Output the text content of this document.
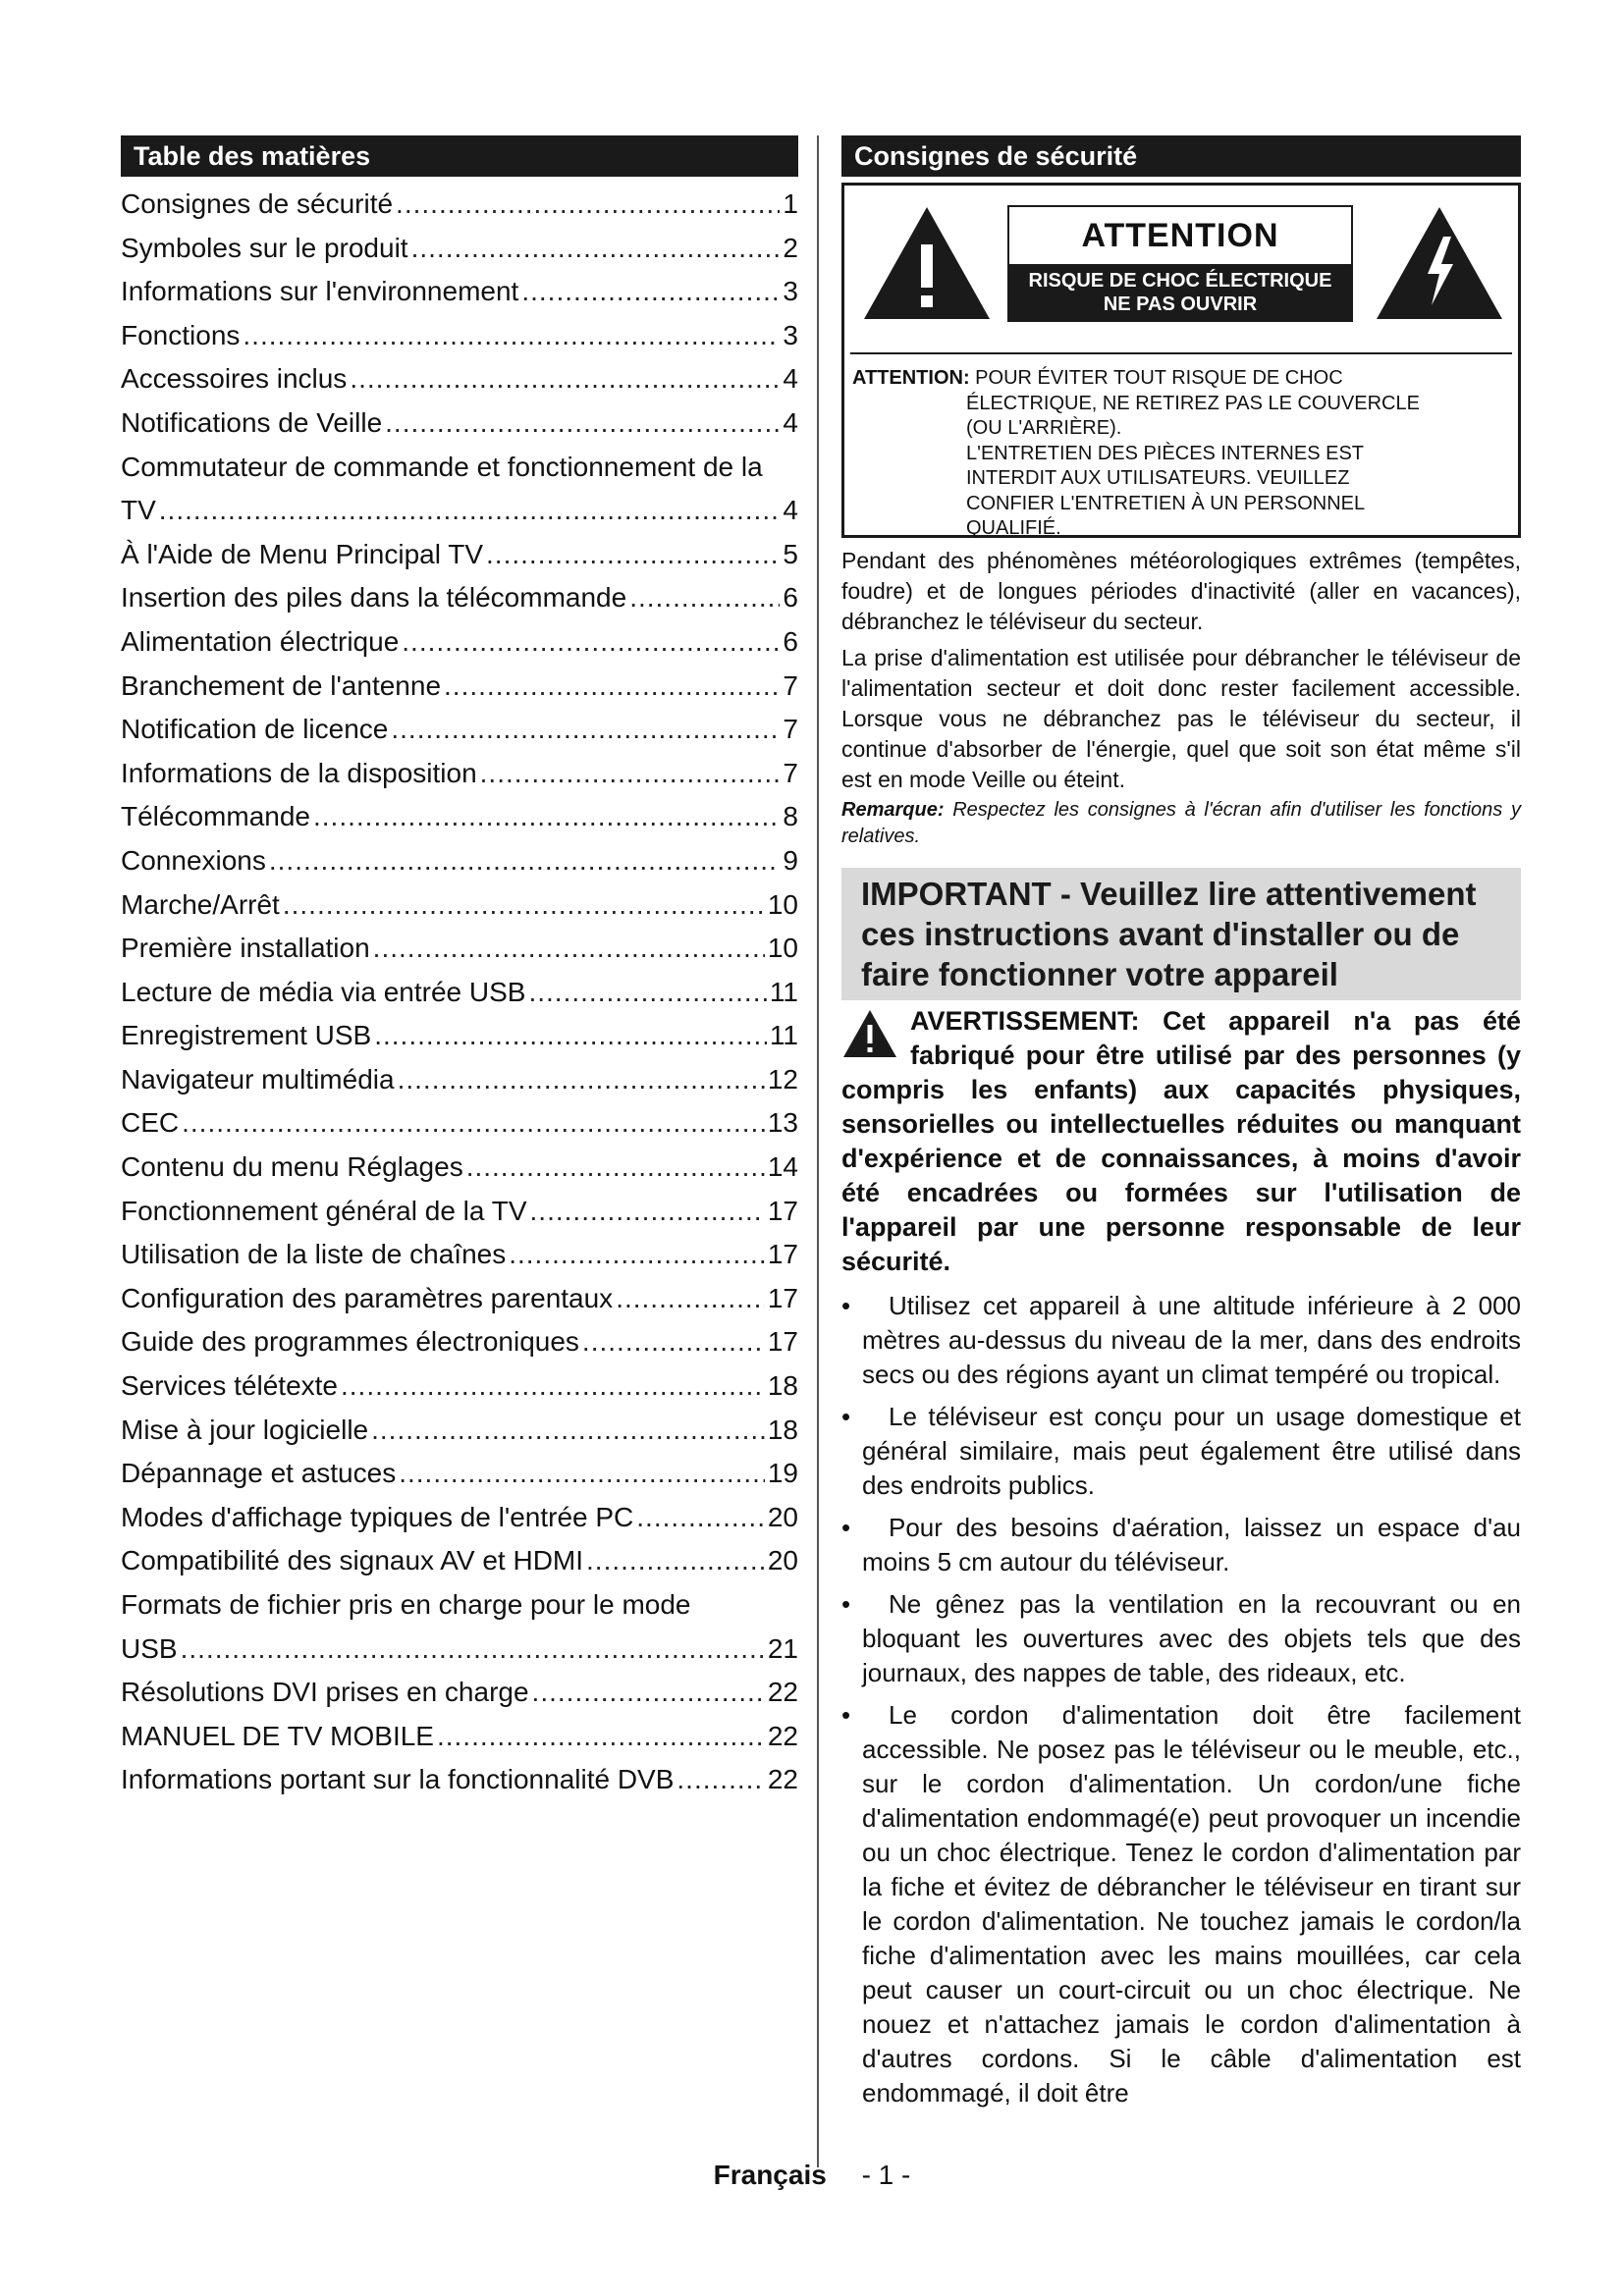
Table des matières
Consignes de sécurité .....	1
Symboles sur le produit .....	2
Informations sur l'environnement .....	3
Fonctions .....	3
Accessoires inclus .....	4
Notifications de Veille .....	4
Commutateur de commande et fonctionnement de la
TV .....	4
À l'Aide de Menu Principal TV .....	5
Insertion des piles dans la télécommande .....	6
Alimentation électrique .....	6
Branchement de l'antenne .....	7
Notification de licence .....	7
Informations de la disposition .....	7
Télécommande .....	8
Connexions .....	9
Marche/Arrêt .....	10
Première installation .....	10
Lecture de média via entrée USB .....	11
Enregistrement USB .....	11
Navigateur multimédia .....	12
CEC .....	13
Contenu du menu Réglages .....	14
Fonctionnement général de la TV .....	17
Utilisation de la liste de chaînes .....	17
Configuration des paramètres parentaux .....	17
Guide des programmes électroniques .....	17
Services télétexte .....	18
Mise à jour logicielle .....	18
Dépannage et astuces .....	19
Modes d'affichage typiques de l'entrée PC .....	20
Compatibilité des signaux AV et HDMI .....	20
Formats de fichier pris en charge pour le mode
USB .....	21
Résolutions DVI prises en charge .....	22
MANUEL DE TV MOBILE .....	22
Informations portant sur la fonctionnalité DVB .....	22
Consignes de sécurité
ATTENTION
RISQUE DE CHOC ÉLECTRIQUE
NE PAS OUVRIR
ATTENTION: POUR ÉVITER TOUT RISQUE DE CHOC
ÉLECTRIQUE, NE RETIREZ PAS LE COUVERCLE
(OU L'ARRIÈRE).
L'ENTRETIEN DES PIÈCES INTERNES EST
INTERDIT AUX UTILISATEURS. VEUILLEZ
CONFIER L'ENTRETIEN À UN PERSONNEL
QUALIFIÉ.
Pendant des phénomènes météorologiques extrêmes (tempêtes, foudre) et de longues périodes d'inactivité (aller en vacances), débranchez le téléviseur du secteur.
La prise d'alimentation est utilisée pour débrancher le téléviseur de l'alimentation secteur et doit donc rester facilement accessible. Lorsque vous ne débranchez pas le téléviseur du secteur, il continue d'absorber de l'énergie, quel que soit son état même s'il est en mode Veille ou éteint.
Remarque: Respectez les consignes à l'écran afin d'utiliser les fonctions y relatives.
IMPORTANT - Veuillez lire attentivement ces instructions avant d'installer ou de faire fonctionner votre appareil
AVERTISSEMENT: Cet appareil n'a pas été fabriqué pour être utilisé par des personnes (y compris les enfants) aux capacités physiques, sensorielles ou intellectuelles réduites ou manquant d'expérience et de connaissances, à moins d'avoir été encadrées ou formées sur l'utilisation de l'appareil par une personne responsable de leur sécurité.
• Utilisez cet appareil à une altitude inférieure à 2 000 mètres au-dessus du niveau de la mer, dans des endroits secs ou des régions ayant un climat tempéré ou tropical.
• Le téléviseur est conçu pour un usage domestique et général similaire, mais peut également être utilisé dans des endroits publics.
• Pour des besoins d'aération, laissez un espace d'au moins 5 cm autour du téléviseur.
• Ne gênez pas la ventilation en la recouvrant ou en bloquant les ouvertures avec des objets tels que des journaux, des nappes de table, des rideaux, etc.
• Le cordon d'alimentation doit être facilement accessible. Ne posez pas le téléviseur ou le meuble, etc., sur le cordon d'alimentation. Un cordon/une fiche d'alimentation endommagé(e) peut provoquer un incendie ou un choc électrique. Tenez le cordon d'alimentation par la fiche et évitez de débrancher le téléviseur en tirant sur le cordon d'alimentation. Ne touchez jamais le cordon/la fiche d'alimentation avec les mains mouillées, car cela peut causer un court-circuit ou un choc électrique. Ne nouez et n'attachez jamais le cordon d'alimentation à d'autres cordons. Si le câble d'alimentation est endommagé, il doit être
Français - 1 -
